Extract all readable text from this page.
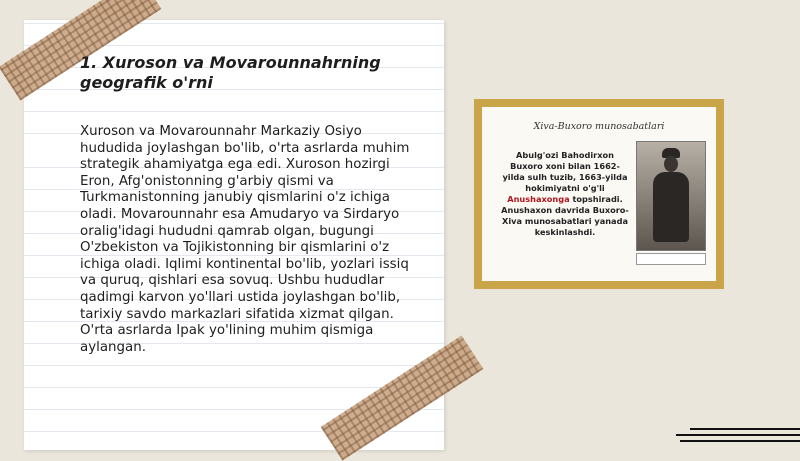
1. Xuroson va Movarounnahrning geografik o'rni

Xuroson va Movarounnahr Markaziy Osiyo hududida joylashgan bo'lib, o'rta asrlarda muhim strategik ahamiyatga ega edi. Xuroson hozirgi Eron, Afg'onistonning g'arbiy qismi va Turkmanistonning janubiy qismlarini o'z ichiga oladi. Movarounnahr esa Amudaryo va Sirdaryo oralig'idagi hududni qamrab olgan, bugungi O'zbekiston va Tojikistonning bir qismlarini o'z ichiga oladi. Iqlimi kontinental bo'lib, yozlari issiq va quruq, qishlari esa sovuq. Ushbu hududlar qadimgi karvon yo'llari ustida joylashgan bo'lib, tarixiy savdo markazlari sifatida xizmat qilgan. O'rta asrlarda Ipak yo'lining muhim qismiga aylangan.

Xiva-Buxoro munosabatlari
Abulg'ozi Bahodirxon Buxoro xoni bilan 1662-yilda sulh tuzib, 1663-yilda hokimiyatni o'g'li Anushaxonga topshiradi. Anushaxon davrida Buxoro-Xiva munosabatlari yanada keskinlashdi.
